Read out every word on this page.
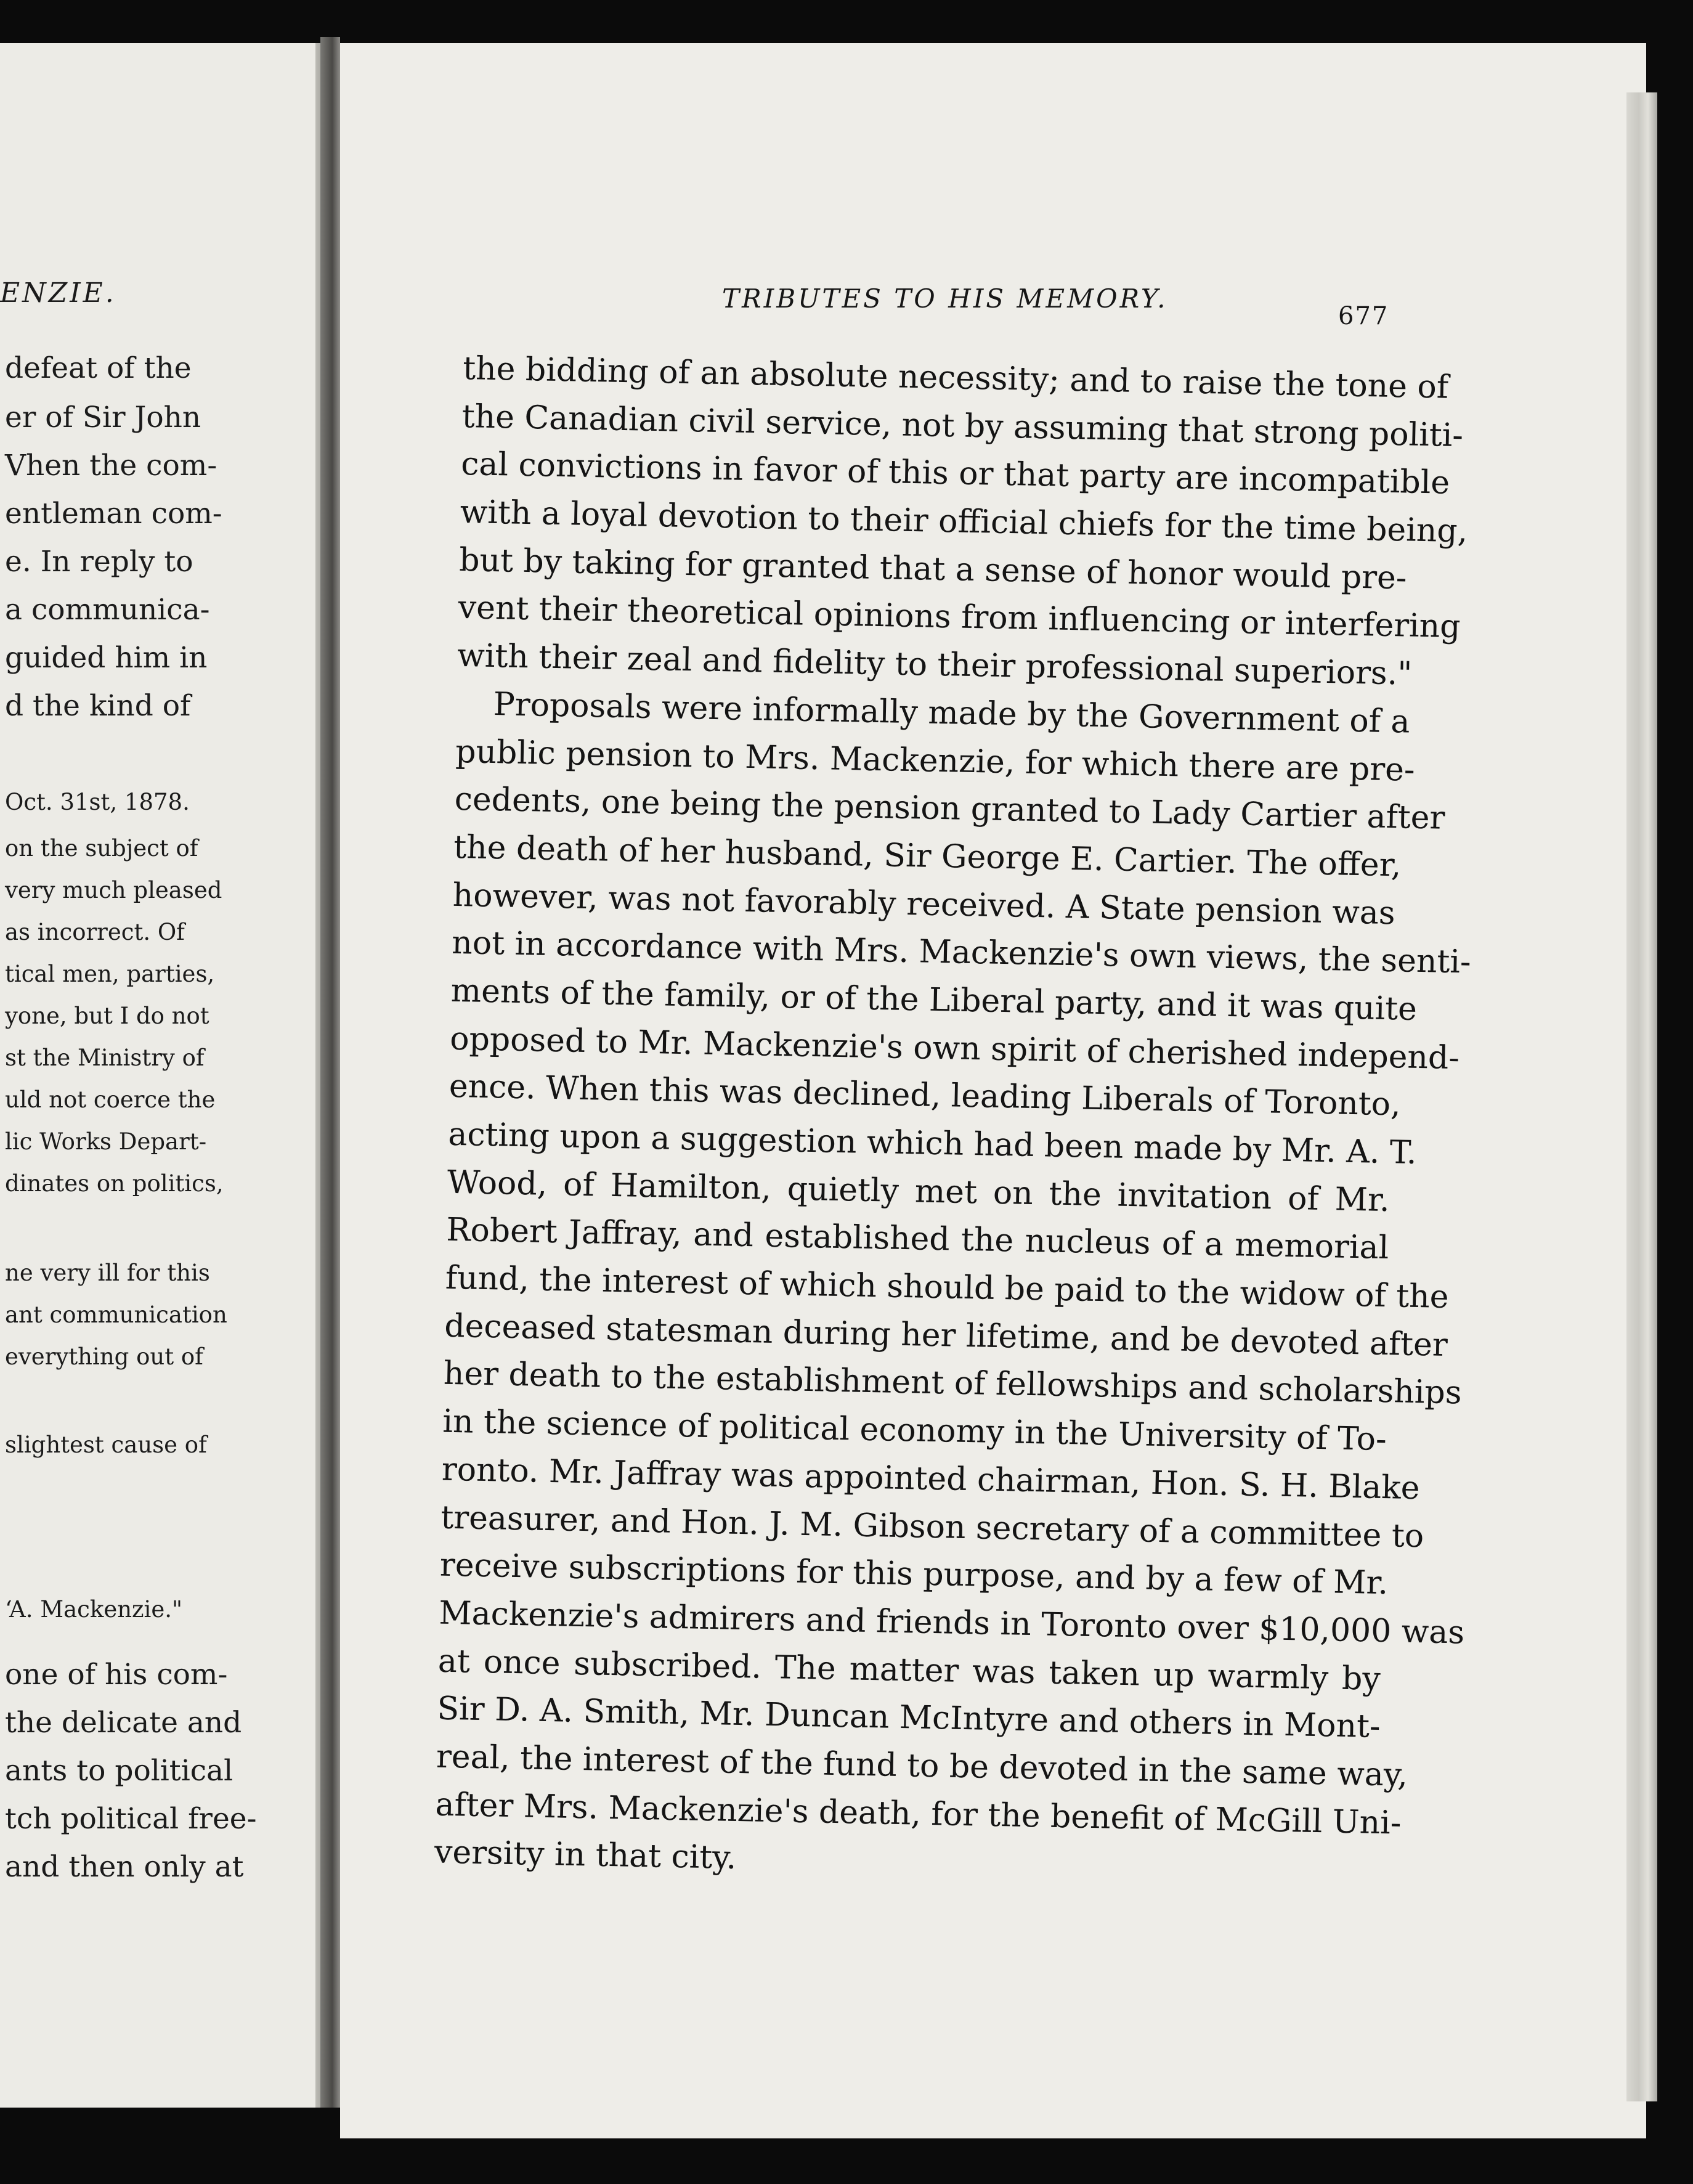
ENZIE.
defeat of the
er of Sir John
Vhen the com-
entleman com-
e. In reply to
a communica-
guided him in
d the kind of
Oct. 31st, 1878.
on the subject of
very much pleased
as incorrect. Of
tical men, parties,
yone, but I do not
st the Ministry of
uld not coerce the
lic Works Depart-
dinates on politics,
ne very ill for this
ant communication
everything out of
slightest cause of
‘A. Mackenzie."
one of his com-
the delicate and
ants to political
tch political free-
and then only at
TRIBUTES TO HIS MEMORY.
677
the bidding of an absolute necessity; and to raise the tone of
the Canadian civil service, not by assuming that strong politi-
cal convictions in favor of this or that party are incompatible
with a loyal devotion to their official chiefs for the time being,
but by taking for granted that a sense of honor would pre-
vent their theoretical opinions from influencing or interfering
with their zeal and fidelity to their professional superiors."
Proposals were informally made by the Government of a
public pension to Mrs. Mackenzie, for which there are pre-
cedents, one being the pension granted to Lady Cartier after
the death of her husband, Sir George E. Cartier. The offer,
however, was not favorably received. A State pension was
not in accordance with Mrs. Mackenzie's own views, the senti-
ments of the family, or of the Liberal party, and it was quite
opposed to Mr. Mackenzie's own spirit of cherished independ-
ence. When this was declined, leading Liberals of Toronto,
acting upon a suggestion which had been made by Mr. A. T.
Wood, of Hamilton, quietly met on the invitation of Mr.
Robert Jaffray, and established the nucleus of a memorial
fund, the interest of which should be paid to the widow of the
deceased statesman during her lifetime, and be devoted after
her death to the establishment of fellowships and scholarships
in the science of political economy in the University of To-
ronto. Mr. Jaffray was appointed chairman, Hon. S. H. Blake
treasurer, and Hon. J. M. Gibson secretary of a committee to
receive subscriptions for this purpose, and by a few of Mr.
Mackenzie's admirers and friends in Toronto over $10,000 was
at once subscribed. The matter was taken up warmly by
Sir D. A. Smith, Mr. Duncan McIntyre and others in Mont-
real, the interest of the fund to be devoted in the same way,
after Mrs. Mackenzie's death, for the benefit of McGill Uni-
versity in that city.
